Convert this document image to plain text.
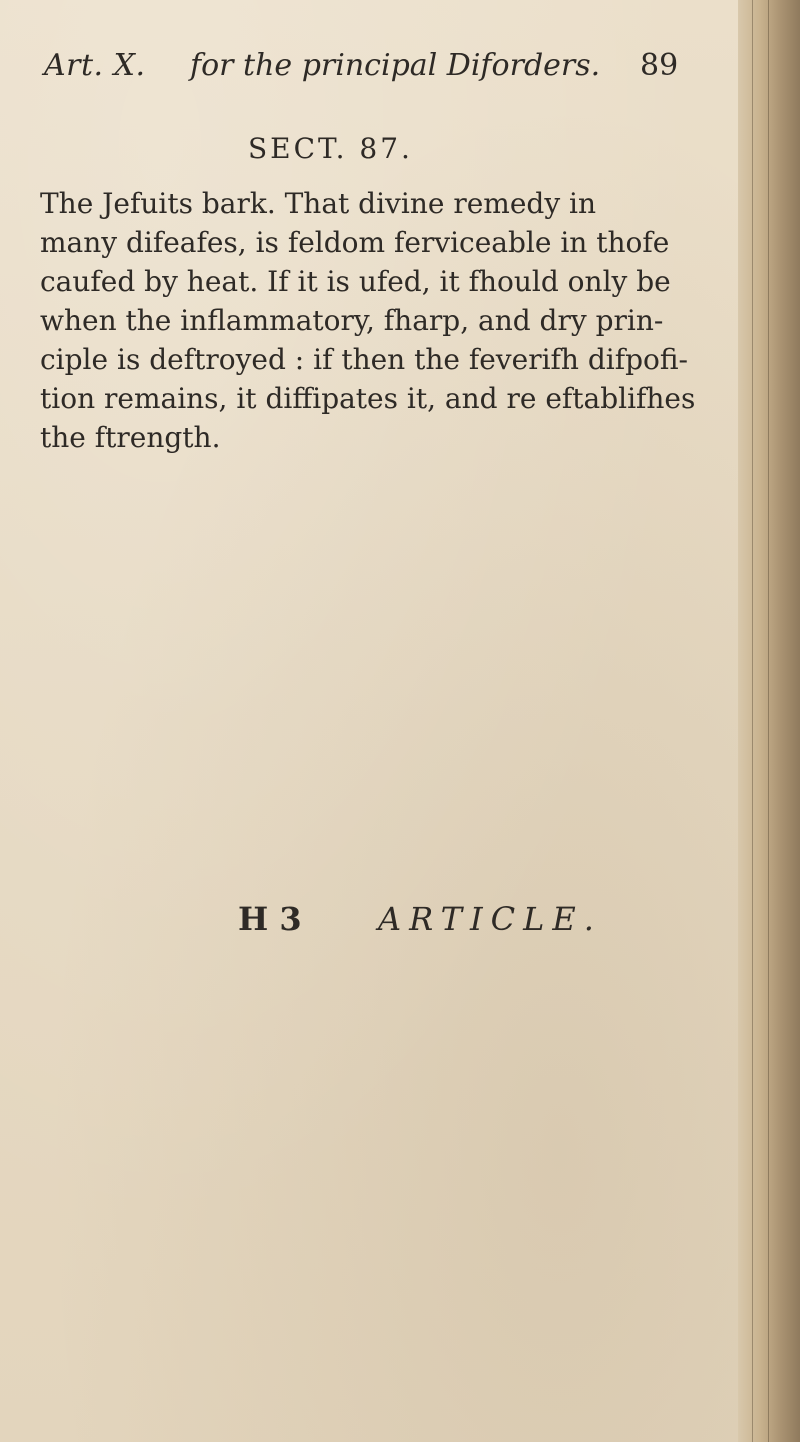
Art. X. for the principal Diforders. 89
SECT. 87.

The Jefuits bark. That divine remedy in
many difeafes, is feldom ferviceable in thofe
caufed by heat. If it is ufed, it fhould only be
when the inflammatory, fharp, and dry prin-
ciple is deftroyed : if then the feverifh difpofi-
tion remains, it diffipates it, and re eftablifhes
the ftrength.

H 3 ARTICLE.
